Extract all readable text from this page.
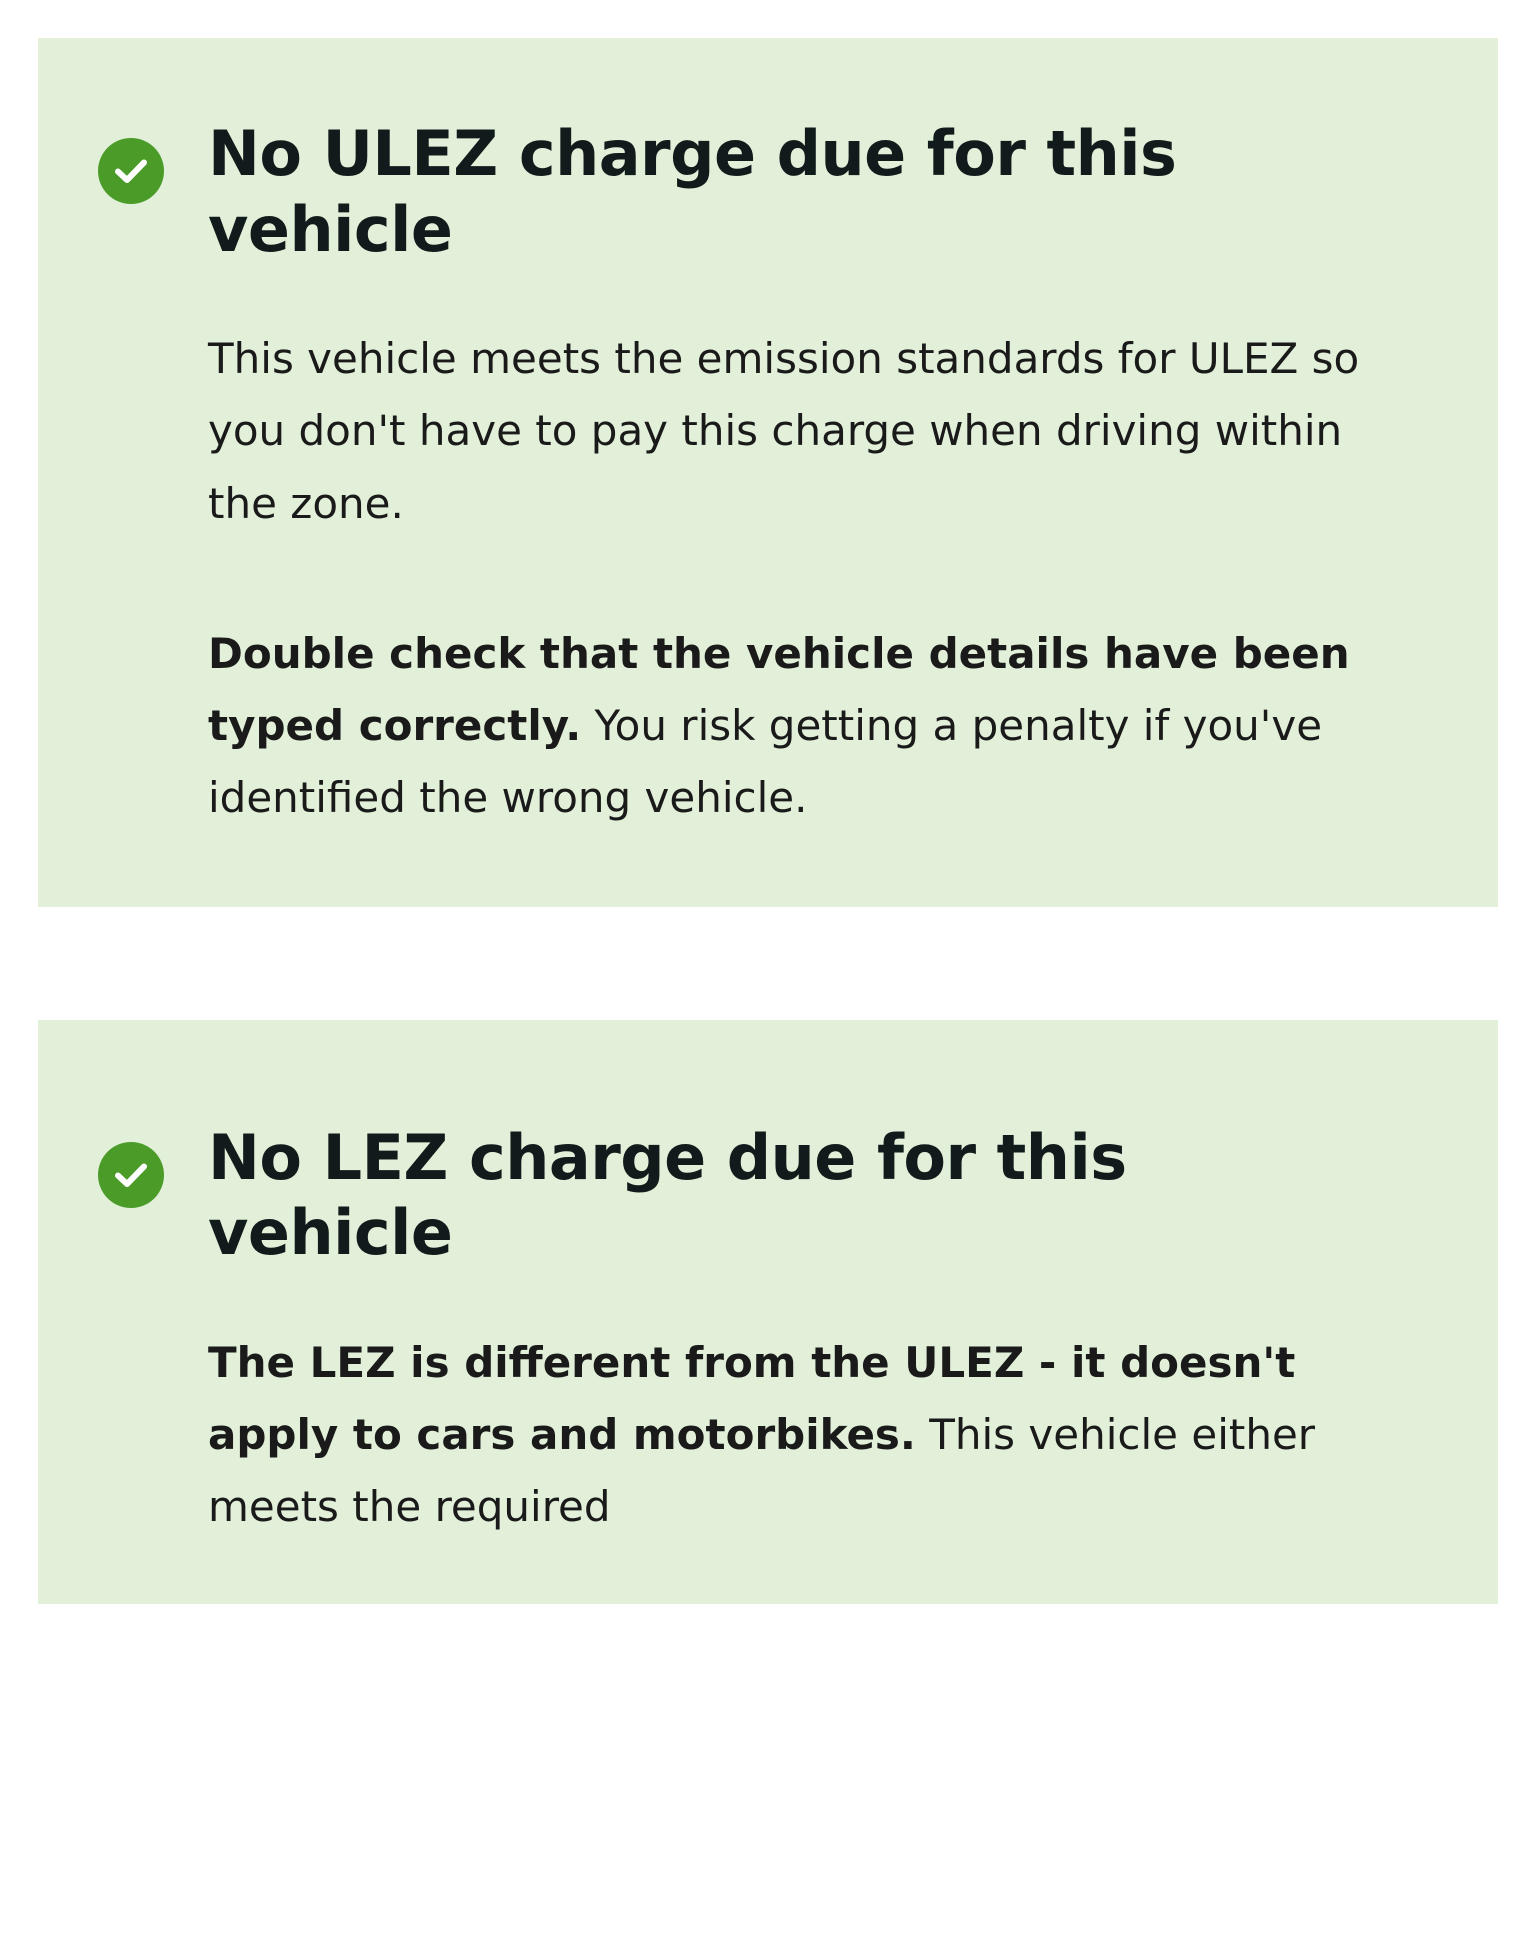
No ULEZ charge due for this vehicle

This vehicle meets the emission standards for ULEZ so you don't have to pay this charge when driving within the zone.

Double check that the vehicle details have been typed correctly. You risk getting a penalty if you've identified the wrong vehicle.

No LEZ charge due for this vehicle

The LEZ is different from the ULEZ - it doesn't apply to cars and motorbikes. This vehicle either meets the required
